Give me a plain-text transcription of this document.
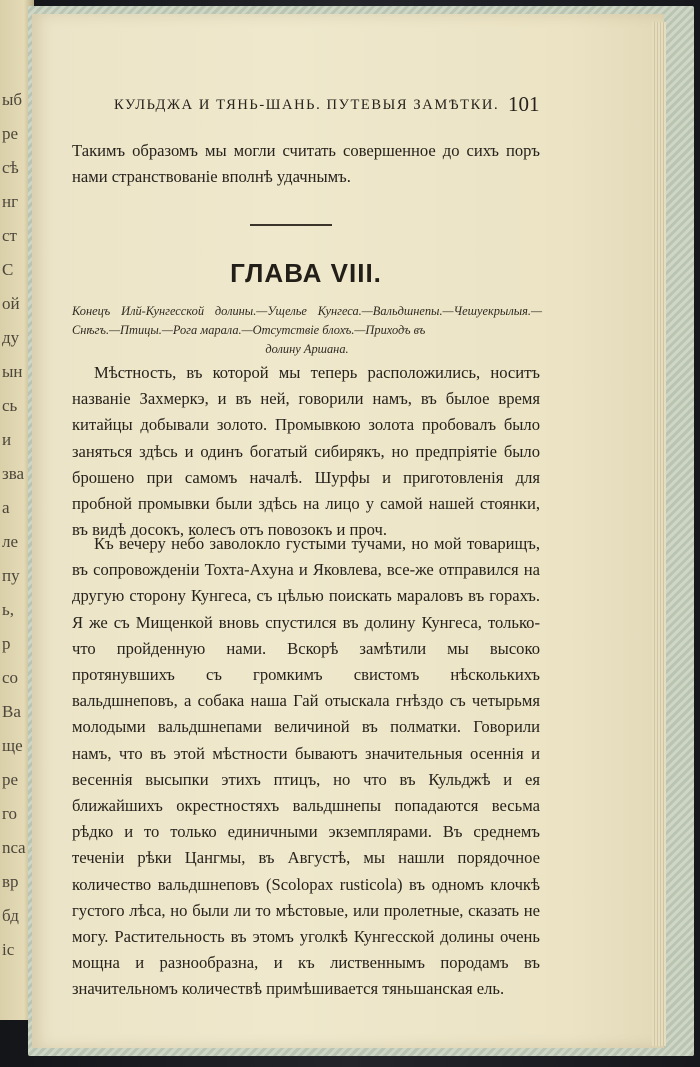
ыб
ре
сѣ
нг
ст
С
ой
ду
ын
сь
и
зва
а
ле
пу
ь,
р
со
Ba
ще
ре
го
nca
вр
бд
ic
КУЛЬДЖА И ТЯНЬ-ШАНЬ. ПУТЕВЫЯ ЗАМѢТКИ. 101

Такимъ образомъ мы могли считать совершенное до сихъ поръ нами странствованіе вполнѣ удачнымъ.

ГЛАВА VIII.

Конецъ Илй-Кунгесской долины.—Ущелье Кунгеса.—Вальдшнепы.—Чешуекрылыя.—Снѣгъ.—Птицы.—Рога марала.—Отсутствіе блохъ.—Приходъ въ
долину Аршана.

Мѣстность, въ которой мы теперь расположились, носитъ названіе Захмеркэ, и въ ней, говорили намъ, въ былое время китайцы добывали золото. Промывкою золота пробовалъ было заняться здѣсь и одинъ богатый сибирякъ, но предпріятіе было брошено при самомъ началѣ. Шурфы и приготовленія для пробной промывки были здѣсь на лицо у самой нашей стоянки, въ видѣ досокъ, колесъ отъ повозокъ и проч.

Къ вечеру небо заволокло густыми тучами, но мой товарищъ, въ сопровожденіи Тохта-Ахуна и Яковлева, все-же отправился на другую сторону Кунгеса, съ цѣлью поискать мараловъ въ горахъ. Я же съ Мищенкой вновь спустился въ долину Кунгеса, только-что пройденную нами. Вскорѣ замѣтили мы высоко протянувшихъ съ громкимъ свистомъ нѣсколькихъ вальдшнеповъ, а собака наша Гай отыскала гнѣздо съ четырьмя молодыми вальдшнепами величиной въ полматки. Говорили намъ, что въ этой мѣстности бываютъ значительныя осеннія и весеннія высыпки этихъ птицъ, но что въ Кульджѣ и ея ближайшихъ окрестностяхъ вальдшнепы попадаются весьма рѣдко и то только единичными экземплярами. Въ среднемъ теченіи рѣки Цангмы, въ Августѣ, мы нашли порядочное количество вальдшнеповъ (Scolopax rusticola) въ одномъ клочкѣ густого лѣса, но были ли то мѣстовые, или пролетные, сказать не могу. Растительность въ этомъ уголкѣ Кунгесской долины очень мощна и разнообразна, и къ лиственнымъ породамъ въ значительномъ количествѣ примѣшивается тяньшанская ель.
